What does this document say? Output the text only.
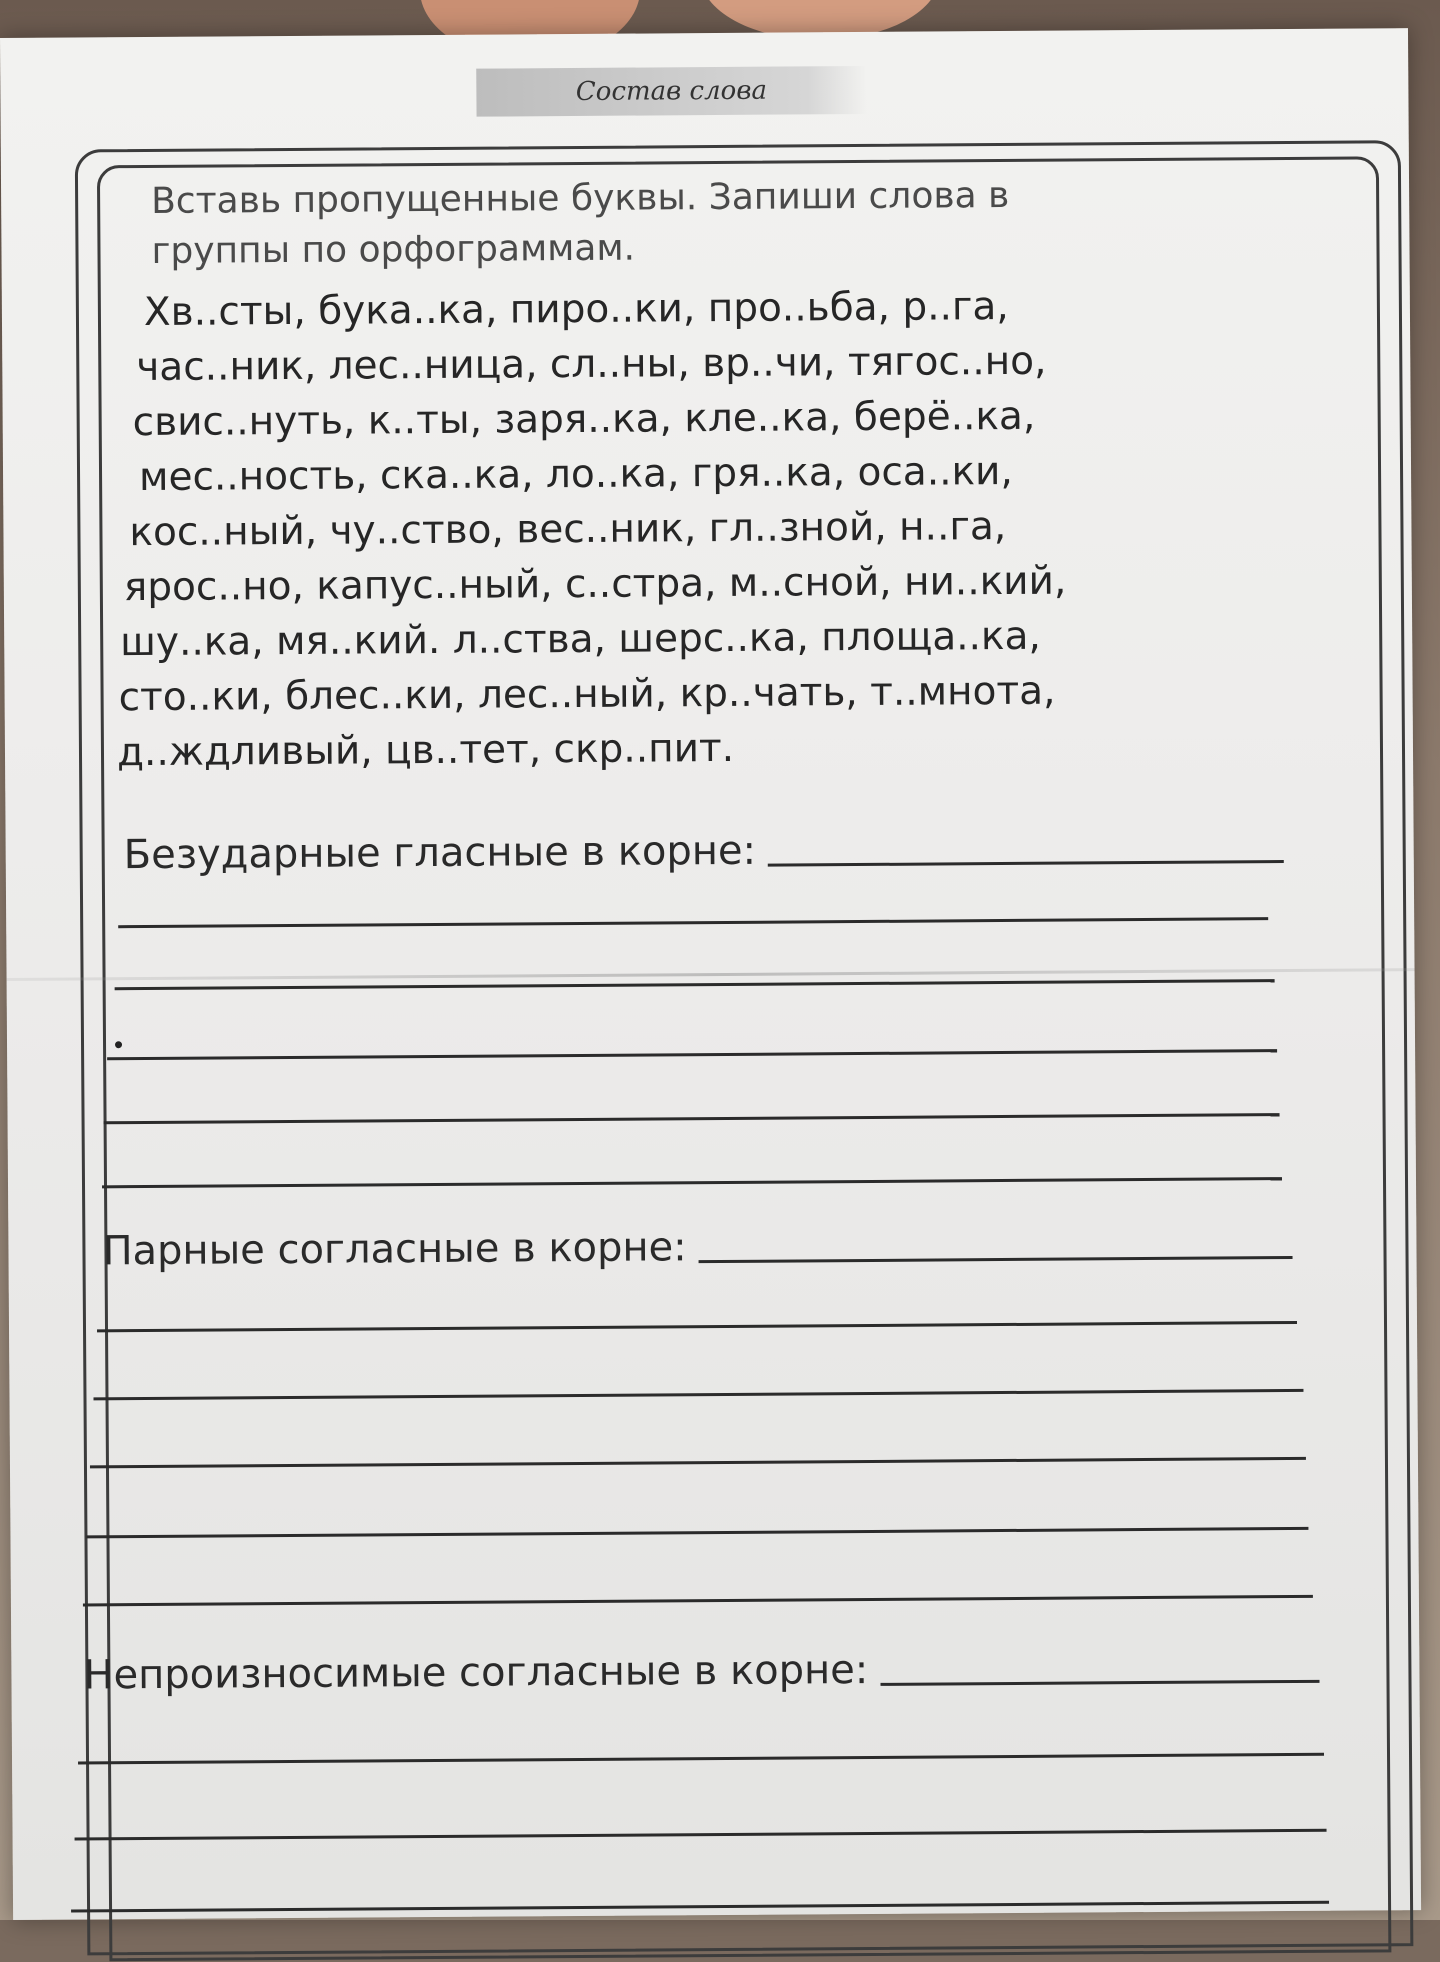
Состав слова
Вставь пропущенные буквы. Запиши слова в группы по орфограммам.

Хв..сты, бука..ка, пиро..ки, про..ьба, р..га,

час..ник, лес..ница, сл..ны, вр..чи, тягос..но,

свис..нуть, к..ты, заря..ка, кле..ка, берё..ка,

мес..ность, ска..ка, ло..ка, гря..ка, оса..ки,

кос..ный, чу..ство, вес..ник, гл..зной, н..га,

ярос..но, капус..ный, с..стра, м..сной, ни..кий,

шу..ка, мя..кий. л..ства, шерс..ка, площа..ка,

сто..ки, блес..ки, лес..ный, кр..чать, т..мнота,

д..ждливый, цв..тет, скр..пит.

Безударные гласные в корне:
Парные согласные в корне:
Непроизносимые согласные в корне:
